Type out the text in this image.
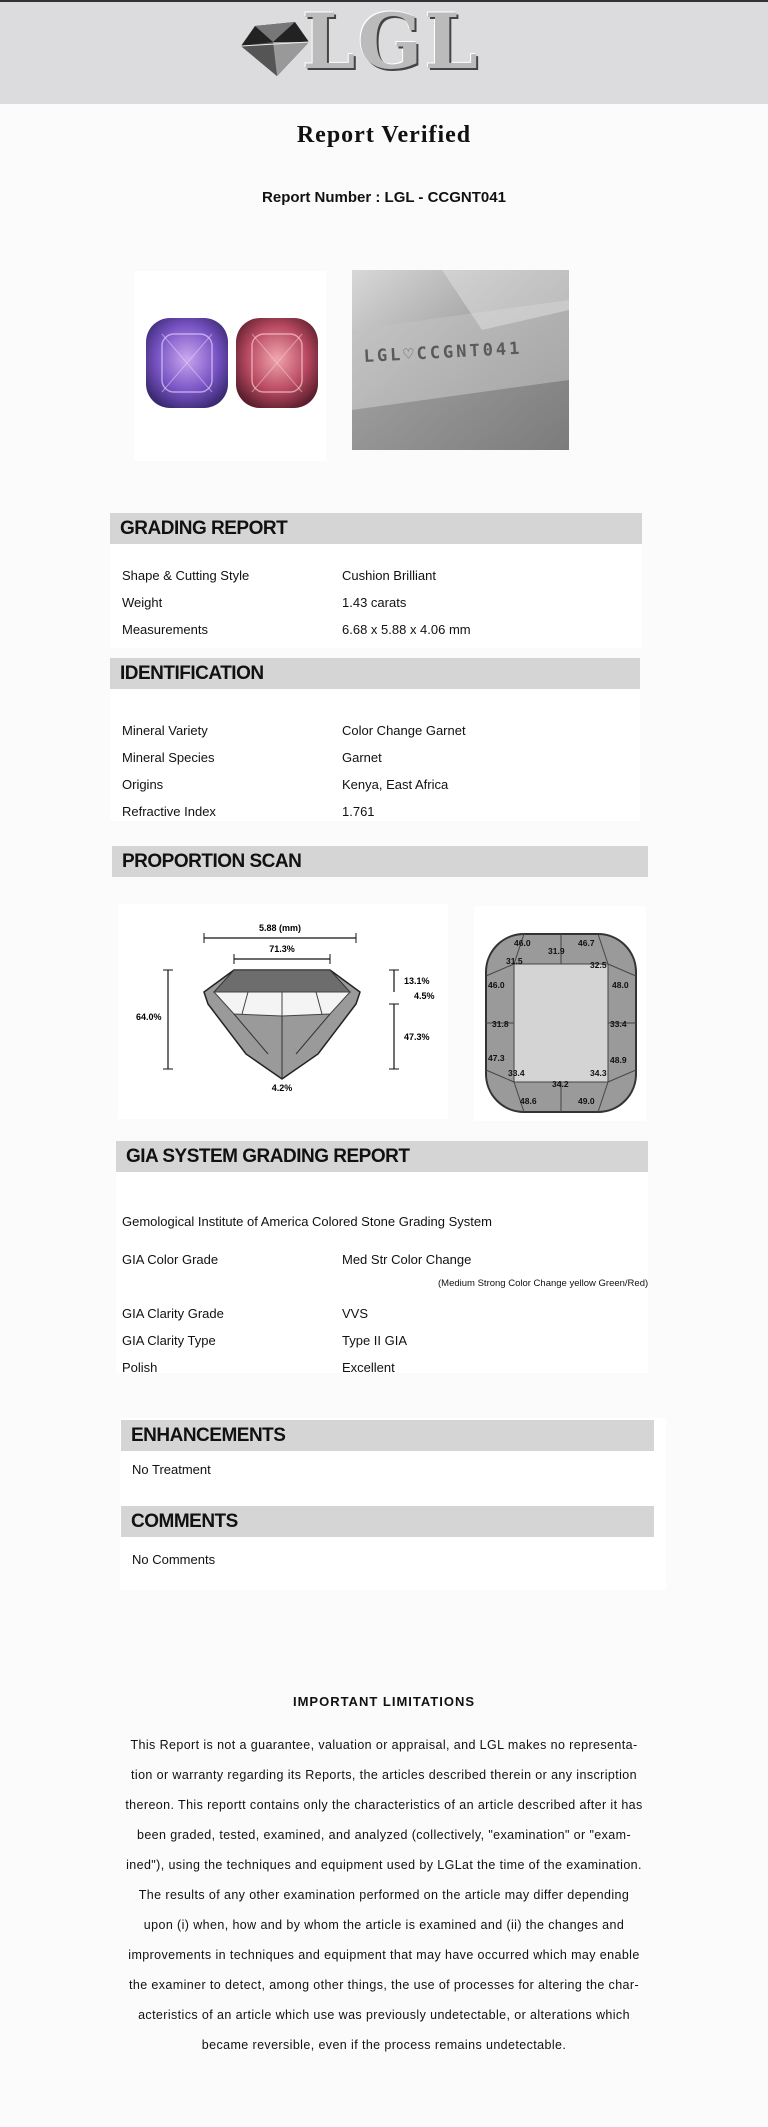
LGL
Report Verified
Report Number : LGL - CCGNT041
LGL♡CCGNT041
GRADING REPORT
Shape & Cutting Style	Cushion Brilliant
Weight	1.43 carats
Measurements	6.68 x 5.88 x 4.06 mm
IDENTIFICATION
Mineral Variety	Color Change Garnet
Mineral Species	Garnet
Origins	Kenya, East Africa
Refractive Index	1.761
PROPORTION SCAN
5.88 (mm)
71.3%
64.0%
13.1%
4.5%
47.3%
4.2%
46.0
31.9
46.7
31.5	32.5
46.0	48.0
31.8	33.4
47.3	48.9
33.4	34.3
34.2
48.6	49.0
GIA SYSTEM GRADING REPORT
Gemological Institute of America Colored Stone Grading System
GIA Color Grade	Med Str Color Change
(Medium Strong Color Change yellow Green/Red)
GIA Clarity Grade	VVS
GIA Clarity Type	Type II GIA
Polish	Excellent
ENHANCEMENTS
No Treatment
COMMENTS
No Comments
IMPORTANT LIMITATIONS
This Report is not a guarantee, valuation or appraisal, and LGL makes no representa-
tion or warranty regarding its Reports, the articles described therein or any inscription
thereon. This reportt contains only the characteristics of an article described after it has
been graded, tested, examined, and analyzed (collectively, "examination" or "exam-
ined"), using the techniques and equipment used by LGLat the time of the examination.
The results of any other examination performed on the article may differ depending
upon (i) when, how and by whom the article is examined and (ii) the changes and
improvements in techniques and equipment that may have occurred which may enable
the examiner to detect, among other things, the use of processes for altering the char-
acteristics of an article which use was previously undetectable, or alterations which
became reversible, even if the process remains undetectable.
